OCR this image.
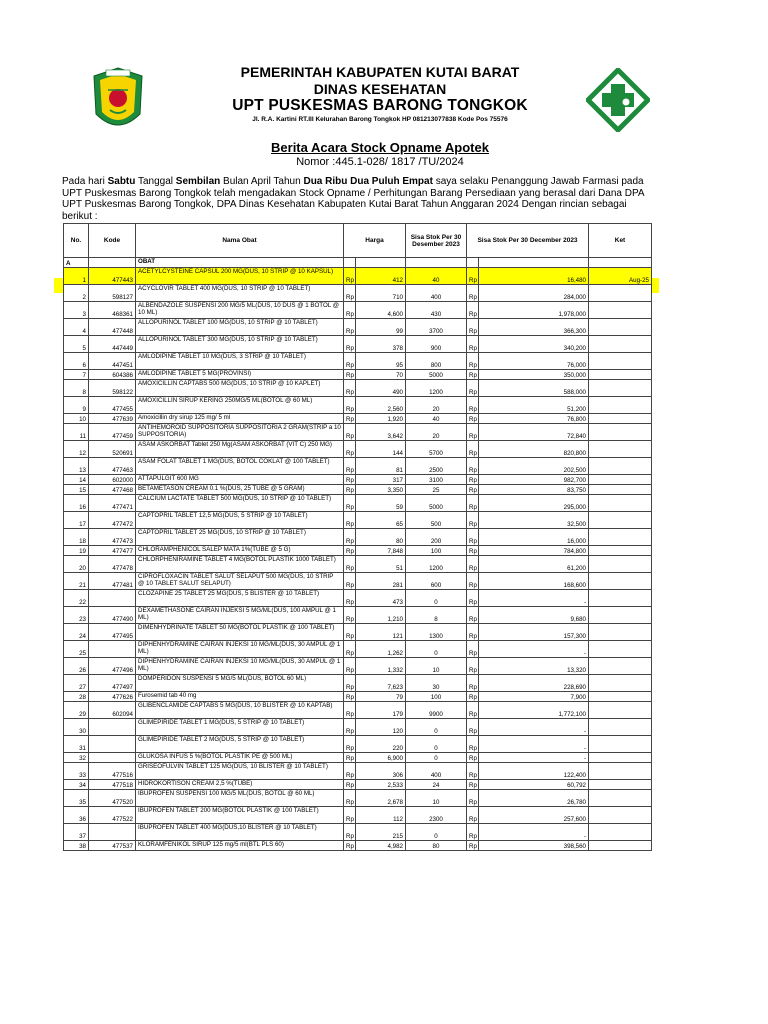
PEMERINTAH KABUPATEN KUTAI BARAT
DINAS KESEHATAN
UPT PUSKESMAS BARONG TONGKOK
Jl. R.A. Kartini RT.III Kelurahan Barong Tongkok HP 081213077838 Kode Pos 75576
Berita Acara Stock Opname Apotek
Nomor :445.1-028/ 1817 /TU/2024
Pada hari Sabtu Tanggal Sembilan Bulan April Tahun Dua Ribu Dua Puluh Empat saya selaku Penanggung Jawab Farmasi pada UPT Puskesmas Barong Tongkok telah mengadakan Stock Opname / Perhitungan Barang Persediaan yang berasal dari Dana DPA UPT Puskesmas Barong Tongkok, DPA Dinas Kesehatan Kabupaten Kutai Barat Tahun Anggaran 2024 Dengan rincian sebagai berikut :
No.	Kode	Nama Obat	Harga		Sisa Stok Per 30 Desember 2023	Sisa Stok Per 30 December 2023		Ket
A		OBAT						
1	477443	ACETYLCYSTEINE CAPSUL 200 MG(DUS, 10 STRIP @ 10 KAPSUL)	Rp	412	40	Rp	16,480	Aug-25
2	598127	ACYCLOVIR TABLET 400 MG(DUS, 10 STRIP @ 10 TABLET)	Rp	710	400	Rp	284,000	
3	468361	ALBENDAZOLE SUSPENSI 200 MG/5 ML(DUS, 10 DUS @ 1 BOTOL @ 10 ML)	Rp	4,600	430	Rp	1,978,000	
4	477448	ALLOPURINOL TABLET 100 MG(DUS, 10 STRIP @ 10 TABLET)	Rp	99	3700	Rp	366,300	
5	447449	ALLOPURINOL TABLET 300 MG(DUS, 10 STRIP @ 10 TABLET)	Rp	378	900	Rp	340,200	
6	447451	AMLODIPINE TABLET 10 MG(DUS, 3 STRIP @ 10 TABLET)	Rp	95	800	Rp	76,000	
7	604386	AMLODIPINE TABLET 5 MG(PROVINSI)	Rp	70	5000	Rp	350,000	
8	598122	AMOXICILLIN CAPTABS 500 MG(DUS, 10 STRIP @ 10 KAPLET)	Rp	490	1200	Rp	588,000	
9	477455	AMOXICILLIN SIRUP KERING 250MG/5 ML(BOTOL @ 60 ML)	Rp	2,560	20	Rp	51,200	
10	477639	Amoxicillin dry sirup 125 mg/ 5 ml	Rp	1,920	40	Rp	76,800	
11	477459	ANTIHEMOROID SUPPOSITORIA SUPPOSITORIA 2 GRAM(STRIP a 10 SUPPOSITORIA)	Rp	3,642	20	Rp	72,840	
12	520691	ASAM ASKORBAT Tablet 250 Mg(ASAM ASKORBAT (VIT C) 250 MG)	Rp	144	5700	Rp	820,800	
13	477463	ASAM FOLAT TABLET 1 MG(DUS, BOTOL COKLAT @ 100 TABLET)	Rp	81	2500	Rp	202,500	
14	602000	ATTAPULGIT 600 MG	Rp	317	3100	Rp	982,700	
15	477468	BETAMETASON CREAM 0.1 %(DUS, 25 TUBE @ 5 GRAM)	Rp	3,350	25	Rp	83,750	
16	477471	CALCIUM LACTATE TABLET 500 MG(DUS, 10 STRIP @ 10 TABLET)	Rp	59	5000	Rp	295,000	
17	477472	CAPTOPRIL TABLET 12,5 MG(DUS, 5 STRIP @ 10 TABLET)	Rp	65	500	Rp	32,500	
18	477473	CAPTOPRIL TABLET 25 MG(DUS, 10 STRIP @ 10 TABLET)	Rp	80	200	Rp	16,000	
19	477477	CHLORAMPHENICOL SALEP MATA 1%(TUBE @ 5 G)	Rp	7,848	100	Rp	784,800	
20	477478	CHLORPHENIRAMINE TABLET 4 MG(BOTOL PLASTIK 1000 TABLET)	Rp	51	1200	Rp	61,200	
21	477481	CIPROFLOXACIN TABLET SALUT SELAPUT 500 MG(DUS, 10 STRIP @ 10 TABLET SALUT SELAPUT)	Rp	281	600	Rp	168,600	
22		CLOZAPINE 25 TABLET 25 MG(DUS, 5 BLISTER @ 10 TABLET)	Rp	473	0	Rp	-	
23	477490	DEXAMETHASONE CAIRAN INJEKSI 5 MG/ML(DUS, 100 AMPUL @ 1 ML)	Rp	1,210	8	Rp	9,680	
24	477495	DIMENHYDRINATE TABLET 50 MG(BOTOL PLASTIK @ 100 TABLET)	Rp	121	1300	Rp	157,300	
25		DIPHENHYDRAMINE CAIRAN INJEKSI 10 MG/ML(DUS, 30 AMPUL @ 1 ML)	Rp	1,262	0	Rp	-	
26	477496	DIPHENHYDRAMINE CAIRAN INJEKSI 10 MG/ML(DUS, 30 AMPUL @ 1 ML)	Rp	1,332	10	Rp	13,320	
27	477497	DOMPERIDON SUSPENSI 5 MG/5 ML(DUS, BOTOL 60 ML)	Rp	7,623	30	Rp	228,690	
28	477626	Furosemid tab 40 mg	Rp	79	100	Rp	7,900	
29	602094	GLIBENCLAMIDE CAPTABS 5 MG(DUS, 10 BLISTER @ 10 KAPTAB)	Rp	179	9900	Rp	1,772,100	
30		GLIMEPIRIDE TABLET 1 MG(DUS, 5 STRIP @ 10 TABLET)	Rp	120	0	Rp	-	
31		GLIMEPIRIDE TABLET 2 MG(DUS, 5 STRIP @ 10 TABLET)	Rp	220	0	Rp	-	
32		GLUKOSA INFUS 5 %(BOTOL PLASTIK PE @ 500 ML)	Rp	6,900	0	Rp	-	
33	477516	GRISEOFULVIN TABLET 125 MG(DUS, 10 BLISTER @ 10 TABLET)	Rp	306	400	Rp	122,400	
34	477518	HIDROKORTISON CREAM 2,5 %(TUBE)	Rp	2,533	24	Rp	60,792	
35	477520	IBUPROFEN SUSPENSI 100 MG/5 ML(DUS, BOTOL @ 60 ML)	Rp	2,678	10	Rp	26,780	
36	477522	IBUPROFEN TABLET 200 MG(BOTOL PLASTIK @ 100 TABLET)	Rp	112	2300	Rp	257,600	
37		IBUPROFEN TABLET 400 MG(DUS,10 BLISTER @ 10 TABLET)	Rp	215	0	Rp	-	
38	477537	KLORAMFENIKOL SIRUP 125 mg/5 ml(BTL PLS 60)	Rp	4,982	80	Rp	398,560	
